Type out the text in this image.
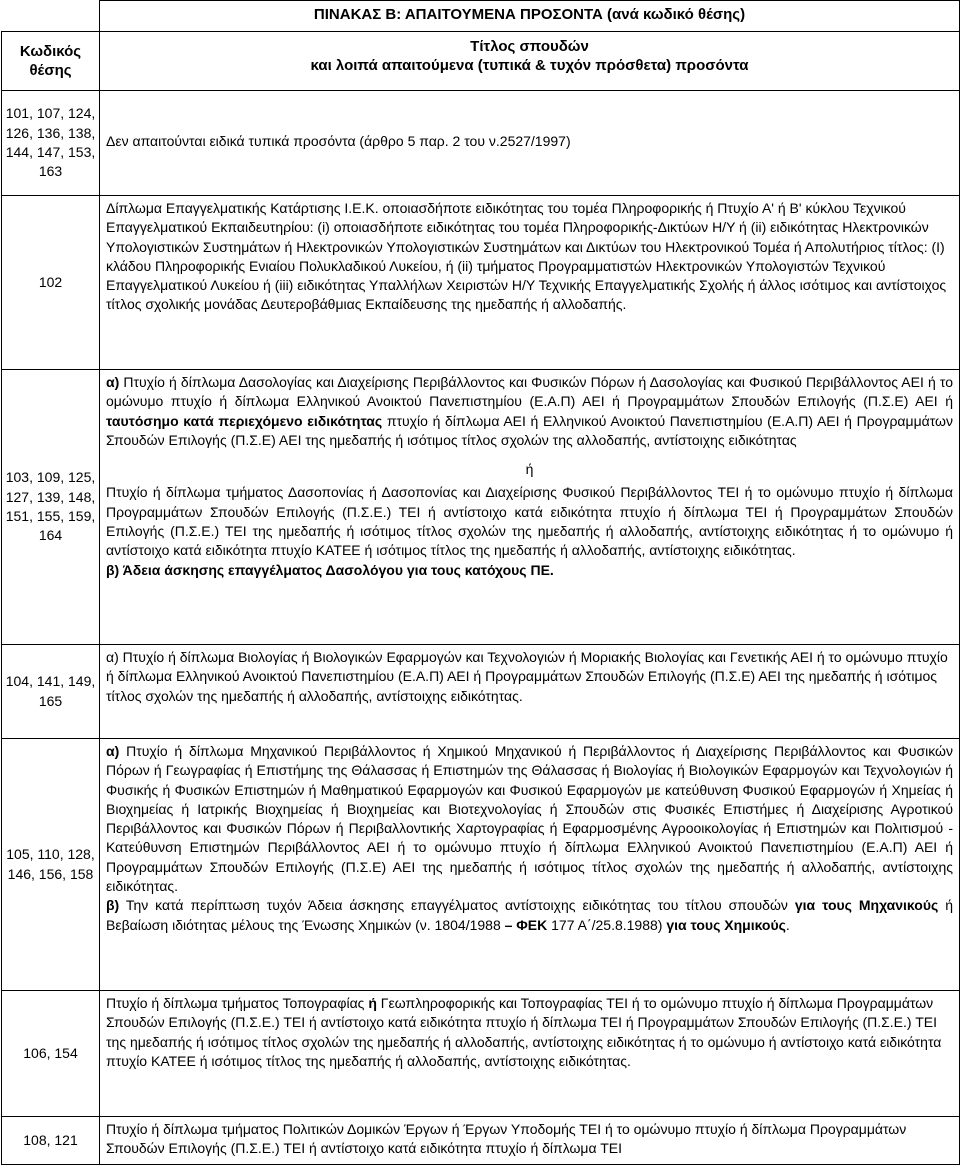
	ΠΙΝΑΚΑΣ Β: ΑΠΑΙΤΟΥΜΕΝΑ ΠΡΟΣΟΝΤΑ (ανά κωδικό θέσης)
Κωδικός θέσης	Τίτλος σπουδών
και λοιπά απαιτούμενα (τυπικά & τυχόν πρόσθετα) προσόντα

101, 107, 124, 126, 136, 138, 144, 147, 153, 163	Δεν απαιτούνται ειδικά τυπικά προσόντα (άρθρο 5 παρ. 2 του ν.2527/1997)
102	Δίπλωμα Επαγγελματικής Κατάρτισης Ι.Ε.Κ. οποιασδήποτε ειδικότητας του τομέα Πληροφορικής ή Πτυχίο Α' ή Β' κύκλου Τεχνικού Επαγγελματικού Εκπαιδευτηρίου: (i) οποιασδήποτε ειδικότητας του τομέα Πληροφορικής-Δικτύων Η/Υ ή (ii) ειδικότητας Ηλεκτρονικών Υπολογιστικών Συστημάτων ή Ηλεκτρονικών Υπολογιστικών Συστημάτων και Δικτύων του Ηλεκτρονικού Τομέα ή Απολυτήριος τίτλος: (Ι) κλάδου Πληροφορικής Ενιαίου Πολυκλαδικού Λυκείου, ή (ii) τμήματος Προγραμματιστών Ηλεκτρονικών Υπολογιστών Τεχνικού Επαγγελματικού Λυκείου ή (iii) ειδικότητας Υπαλλήλων Χειριστών Η/Υ Τεχνικής Επαγγελματικής Σχολής ή άλλος ισότιμος και αντίστοιχος τίτλος σχολικής μονάδας Δευτεροβάθμιας Εκπαίδευσης της ημεδαπής ή αλλοδαπής.
103, 109, 125, 127, 139, 148, 151, 155, 159, 164	α) Πτυχίο ή δίπλωμα Δασολογίας και Διαχείρισης Περιβάλλοντος και Φυσικών Πόρων ή Δασολογίας και Φυσικού Περιβάλλοντος ΑΕΙ ή το ομώνυμο πτυχίο ή δίπλωμα Ελληνικού Ανοικτού Πανεπιστημίου (Ε.Α.Π) ΑΕΙ ή Προγραμμάτων Σπουδών Επιλογής (Π.Σ.Ε) ΑΕΙ ή ταυτόσημο κατά περιεχόμενο ειδικότητας πτυχίο ή δίπλωμα ΑΕΙ ή Ελληνικού Ανοικτού Πανεπιστημίου (Ε.Α.Π) ΑΕΙ ή Προγραμμάτων Σπουδών Επιλογής (Π.Σ.Ε) ΑΕΙ της ημεδαπής ή ισότιμος τίτλος σχολών της αλλοδαπής, αντίστοιχης ειδικότητας

ή

Πτυχίο ή δίπλωμα τμήματος Δασοπονίας ή Δασοπονίας και Διαχείρισης Φυσικού Περιβάλλοντος ΤΕΙ ή το ομώνυμο πτυχίο ή δίπλωμα Προγραμμάτων Σπουδών Επιλογής (Π.Σ.Ε.) ΤΕΙ ή αντίστοιχο κατά ειδικότητα πτυχίο ή δίπλωμα ΤΕΙ ή Προγραμμάτων Σπουδών Επιλογής (Π.Σ.Ε.) ΤΕΙ της ημεδαπής ή ισότιμος τίτλος σχολών της ημεδαπής ή αλλοδαπής, αντίστοιχης ειδικότητας ή το ομώνυμο ή αντίστοιχο κατά ειδικότητα πτυχίο ΚΑΤΕΕ ή ισότιμος τίτλος της ημεδαπής ή αλλοδαπής, αντίστοιχης ειδικότητας.

β) Άδεια άσκησης επαγγέλματος Δασολόγου για τους κατόχους ΠΕ.

104, 141, 149, 165	α) Πτυχίο ή δίπλωμα Βιολογίας ή Βιολογικών Εφαρμογών και Τεχνολογιών ή Μοριακής Βιολογίας και Γενετικής ΑΕΙ ή το ομώνυμο πτυχίο ή δίπλωμα Ελληνικού Ανοικτού Πανεπιστημίου (Ε.Α.Π) ΑΕΙ ή Προγραμμάτων Σπουδών Επιλογής (Π.Σ.Ε) ΑΕΙ της ημεδαπής ή ισότιμος τίτλος σχολών της ημεδαπής ή αλλοδαπής, αντίστοιχης ειδικότητας.
105, 110, 128, 146, 156, 158	α) Πτυχίο ή δίπλωμα Μηχανικού Περιβάλλοντος ή Χημικού Μηχανικού ή Περιβάλλοντος ή Διαχείρισης Περιβάλλοντος και Φυσικών Πόρων ή Γεωγραφίας ή Επιστήμης της Θάλασσας ή Επιστημών της Θάλασσας ή Βιολογίας ή Βιολογικών Εφαρμογών και Τεχνολογιών ή Φυσικής ή Φυσικών Επιστημών ή Μαθηματικού Εφαρμογών και Φυσικού Εφαρμογών με κατεύθυνση Φυσικού Εφαρμογών ή Χημείας ή Βιοχημείας ή Ιατρικής Βιοχημείας ή Βιοχημείας και Βιοτεχνολογίας ή Σπουδών στις Φυσικές Επιστήμες ή Διαχείρισης Αγροτικού Περιβάλλοντος και Φυσικών Πόρων ή Περιβαλλοντικής Χαρτογραφίας ή Εφαρμοσμένης Αγροοικολογίας ή Επιστημών και Πολιτισμού - Κατεύθυνση Επιστημών Περιβάλλοντος ΑΕΙ ή το ομώνυμο πτυχίο ή δίπλωμα Ελληνικού Ανοικτού Πανεπιστημίου (Ε.Α.Π) ΑΕΙ ή Προγραμμάτων Σπουδών Επιλογής (Π.Σ.Ε) ΑΕΙ της ημεδαπής ή ισότιμος τίτλος σχολών της ημεδαπής ή αλλοδαπής, αντίστοιχης ειδικότητας.

β) Την κατά περίπτωση τυχόν Άδεια άσκησης επαγγέλματος αντίστοιχης ειδικότητας του τίτλου σπουδών για τους Μηχανικούς ή Βεβαίωση ιδιότητας μέλους της Ένωσης Χημικών (ν. 1804/1988 – ΦΕΚ 177 Α΄/25.8.1988) για τους Χημικούς.

106, 154	Πτυχίο ή δίπλωμα τμήματος Τοπογραφίας ή Γεωπληροφορικής και Τοπογραφίας ΤΕΙ ή το ομώνυμο πτυχίο ή δίπλωμα Προγραμμάτων Σπουδών Επιλογής (Π.Σ.Ε.) ΤΕΙ ή αντίστοιχο κατά ειδικότητα πτυχίο ή δίπλωμα ΤΕΙ ή Προγραμμάτων Σπουδών Επιλογής (Π.Σ.Ε.) ΤΕΙ της ημεδαπής ή ισότιμος τίτλος σχολών της ημεδαπής ή αλλοδαπής, αντίστοιχης ειδικότητας ή το ομώνυμο ή αντίστοιχο κατά ειδικότητα πτυχίο ΚΑΤΕΕ ή ισότιμος τίτλος της ημεδαπής ή αλλοδαπής, αντίστοιχης ειδικότητας.
108, 121	Πτυχίο ή δίπλωμα τμήματος Πολιτικών Δομικών Έργων ή Έργων Υποδομής ΤΕΙ ή το ομώνυμο πτυχίο ή δίπλωμα Προγραμμάτων Σπουδών Επιλογής (Π.Σ.Ε.) ΤΕΙ ή αντίστοιχο κατά ειδικότητα πτυχίο ή δίπλωμα ΤΕΙ
